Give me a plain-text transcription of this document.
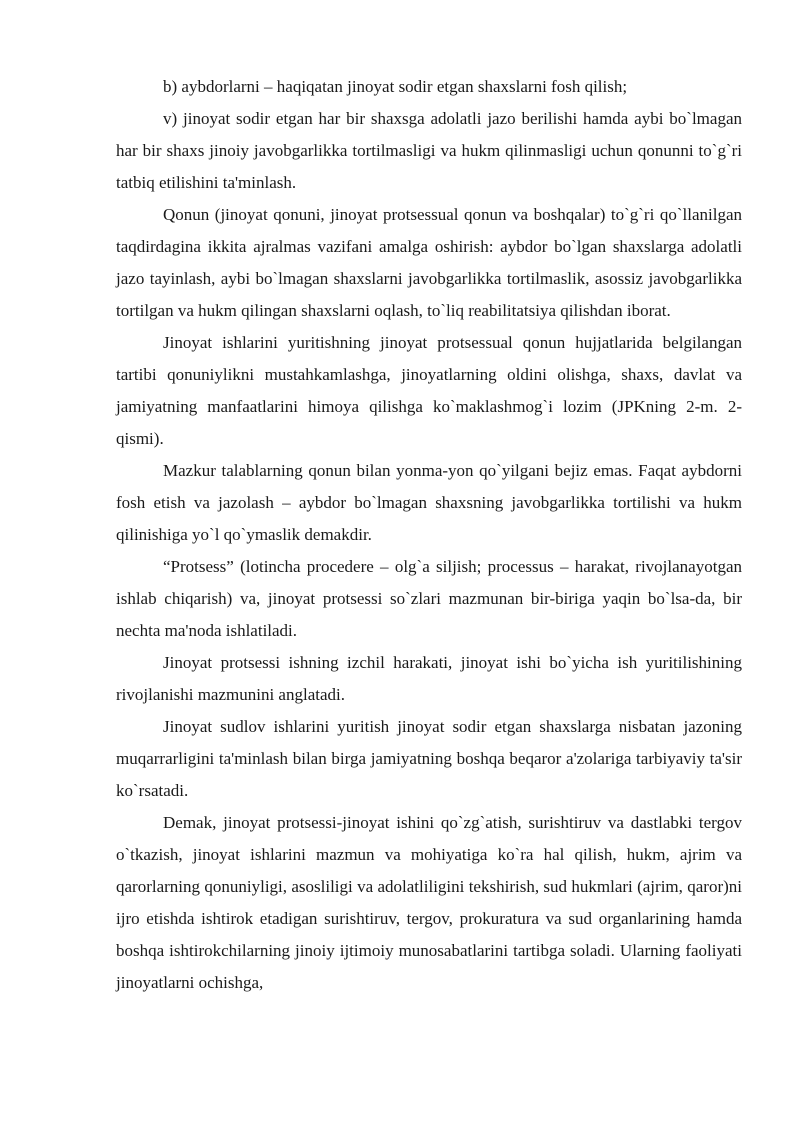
b) aybdorlarni – haqiqatan jinoyat sodir etgan shaxslarni fosh qilish;

v) jinoyat sodir etgan har bir shaxsga adolatli jazo berilishi hamda aybi bo`lmagan har bir shaxs jinoiy javobgarlikka tortilmasligi va hukm qilinmasligi uchun qonunni to`g`ri tatbiq etilishini ta'minlash.

Qonun (jinoyat qonuni, jinoyat protsessual qonun va boshqalar) to`g`ri qo`llanilgan taqdirdagina ikkita ajralmas vazifani amalga oshirish: aybdor bo`lgan shaxslarga adolatli jazo tayinlash, aybi bo`lmagan shaxslarni javobgarlikka tortilmaslik, asossiz javobgarlikka tortilgan va hukm qilingan shaxslarni oqlash, to`liq reabilitatsiya qilishdan iborat.

Jinoyat ishlarini yuritishning jinoyat protsessual qonun hujjatlarida belgilangan tartibi qonuniylikni mustahkamlashga, jinoyatlarning oldini olishga, shaxs, davlat va jamiyatning manfaatlarini himoya qilishga ko`maklashmog`i lozim (JPKning 2-m. 2-qismi).

Mazkur talablarning qonun bilan yonma-yon qo`yilgani bejiz emas. Faqat aybdorni fosh etish va jazolash – aybdor bo`lmagan shaxsning javobgarlikka tortilishi va hukm qilinishiga yo`l qo`ymaslik demakdir.

“Protsess” (lotincha procedere – olg`a siljish; processus – harakat, rivojlanayotgan ishlab chiqarish) va, jinoyat protsessi so`zlari mazmunan bir-biriga yaqin bo`lsa-da, bir nechta ma'noda ishlatiladi.

Jinoyat protsessi ishning izchil harakati, jinoyat ishi bo`yicha ish yuritilishining rivojlanishi mazmunini anglatadi.

Jinoyat sudlov ishlarini yuritish jinoyat sodir etgan shaxslarga nisbatan jazoning muqarrarligini ta'minlash bilan birga jamiyatning boshqa beqaror a'zolariga tarbiyaviy ta'sir ko`rsatadi.

Demak, jinoyat protsessi-jinoyat ishini qo`zg`atish, surishtiruv va dastlabki tergov o`tkazish, jinoyat ishlarini mazmun va mohiyatiga ko`ra hal qilish, hukm, ajrim va qarorlarning qonuniyligi, asosliligi va adolatliligini tekshirish, sud hukmlari (ajrim, qaror)ni ijro etishda ishtirok etadigan surishtiruv, tergov, prokuratura va sud organlarining hamda boshqa ishtirokchilarning jinoiy ijtimoiy munosabatlarini tartibga soladi. Ularning faoliyati jinoyatlarni ochishga,
